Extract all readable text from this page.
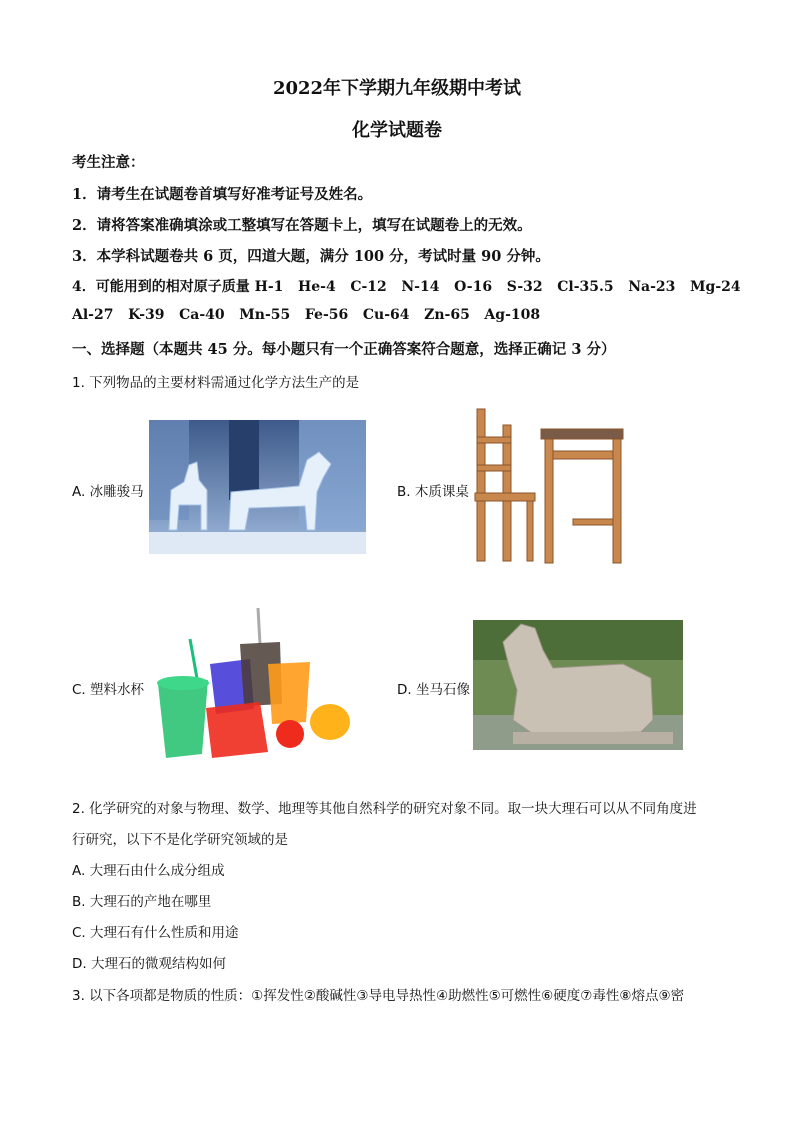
2022年下学期九年级期中考试
化学试题卷
考生注意：
1．请考生在试题卷首填写好准考证号及姓名。
2．请将答案准确填涂或工整填写在答题卡上，填写在试题卷上的无效。
3．本学科试题卷共 6 页，四道大题，满分 100 分，考试时量 90 分钟。
4．可能用到的相对原子质量 H-1   He-4   C-12   N-14   O-16   S-32   Cl-35.5   Na-23   Mg-24
Al-27   K-39   Ca-40   Mn-55   Fe-56   Cu-64   Zn-65   Ag-108
一、选择题（本题共 45 分。每小题只有一个正确答案符合题意，选择正确记 3 分）
1. 下列物品的主要材料需通过化学方法生产的是
A. 冰雕骏马	B. 木质课桌
C. 塑料水杯	D. 坐马石像
2. 化学研究的对象与物理、数学、地理等其他自然科学的研究对象不同。取一块大理石可以从不同角度进
行研究，以下不是化学研究领域的是
A. 大理石由什么成分组成
B. 大理石的产地在哪里
C. 大理石有什么性质和用途
D. 大理石的微观结构如何
3. 以下各项都是物质的性质：①挥发性②酸碱性③导电导热性④助燃性⑤可燃性⑥硬度⑦毒性⑧熔点⑨密
